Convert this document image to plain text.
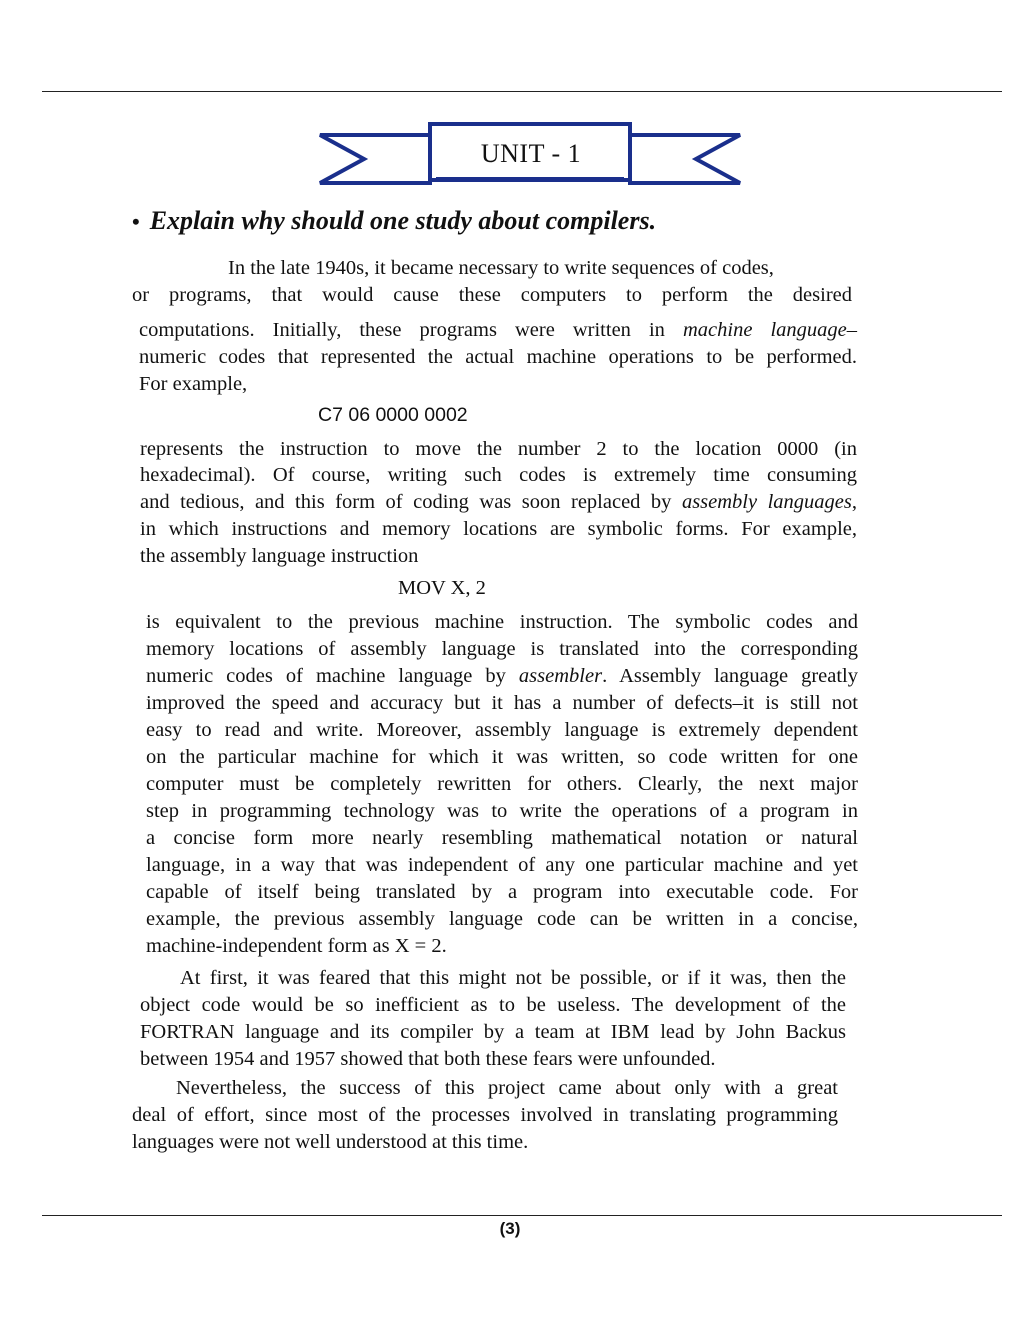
UNIT - 1
• Explain why should one study about compilers.
In the late 1940s, it became necessary to write sequences of codes,
or programs, that would cause these computers to perform the desired
computations. Initially, these programs were written in machine language–
numeric codes that represented the actual machine operations to be performed.
For example,
C7 06 0000 0002
represents the instruction to move the number 2 to the location 0000 (in
hexadecimal). Of course, writing such codes is extremely time consuming
and tedious, and this form of coding was soon replaced by assembly languages,
in which instructions and memory locations are symbolic forms. For example,
the assembly language instruction
MOV X, 2
is equivalent to the previous machine instruction. The symbolic codes and
memory locations of assembly language is translated into the corresponding
numeric codes of machine language by assembler. Assembly language greatly
improved the speed and accuracy but it has a number of defects–it is still not
easy to read and write. Moreover, assembly language is extremely dependent
on the particular machine for which it was written, so code written for one
computer must be completely rewritten for others. Clearly, the next major
step in programming technology was to write the operations of a program in
a concise form more nearly resembling mathematical notation or natural
language, in a way that was independent of any one particular machine and yet
capable of itself being translated by a program into executable code. For
example, the previous assembly language code can be written in a concise,
machine-independent form as X = 2.
At first, it was feared that this might not be possible, or if it was, then the
object code would be so inefficient as to be useless. The development of the
FORTRAN language and its compiler by a team at IBM lead by John Backus
between 1954 and 1957 showed that both these fears were unfounded.
Nevertheless, the success of this project came about only with a great
deal of effort, since most of the processes involved in translating programming
languages were not well understood at this time.
(3)
